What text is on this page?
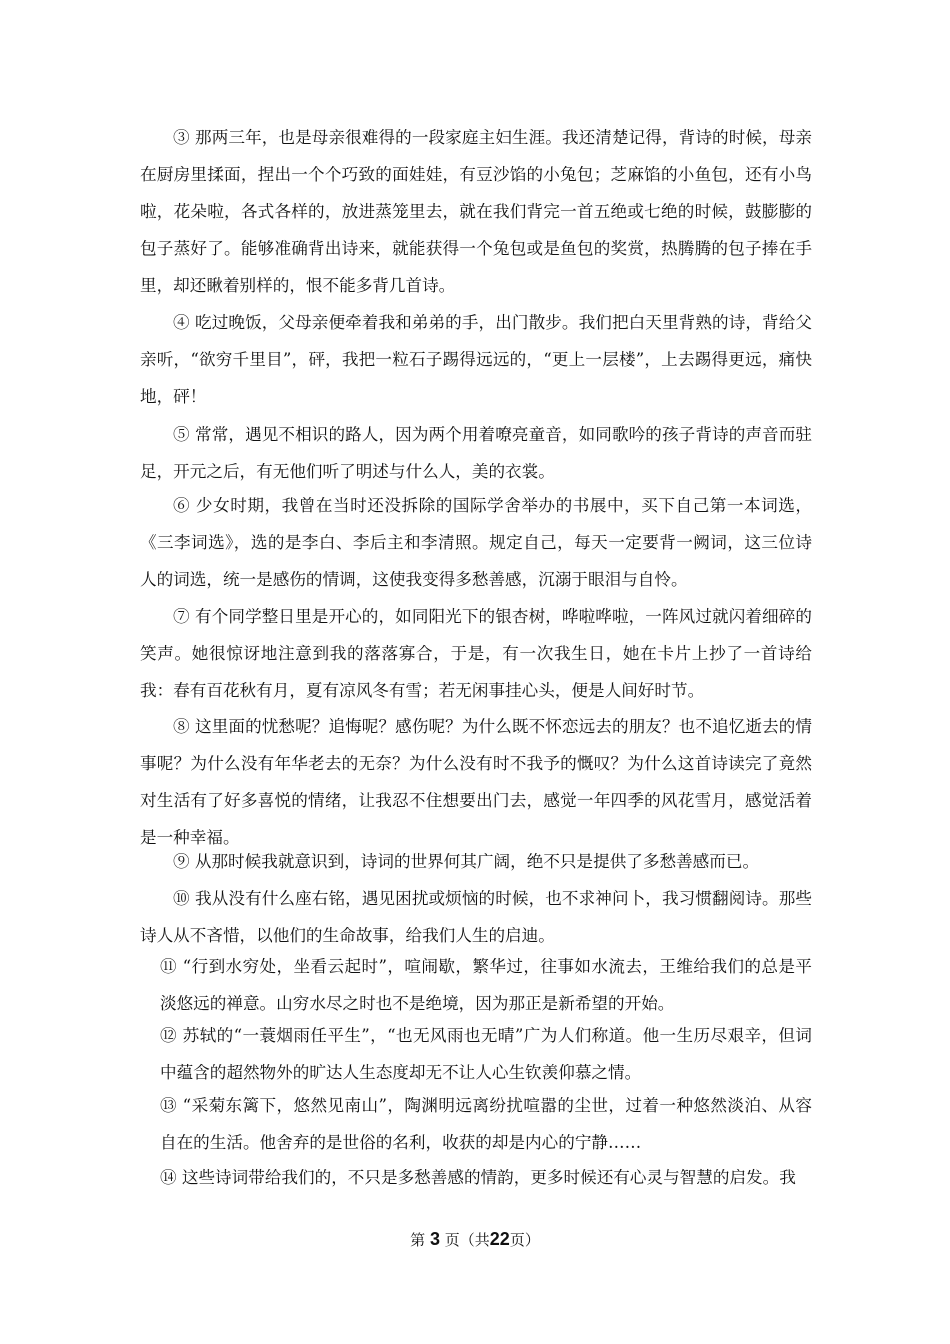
③ 那两三年，也是母亲很难得的一段家庭主妇生涯。我还清楚记得，背诗的时候，母亲在厨房里揉面，捏出一个个巧致的面娃娃，有豆沙馅的小兔包；芝麻馅的小鱼包，还有小鸟啦，花朵啦，各式各样的，放进蒸笼里去，就在我们背完一首五绝或七绝的时候，鼓膨膨的包子蒸好了。能够准确背出诗来，就能获得一个兔包或是鱼包的奖赏，热腾腾的包子捧在手里，却还瞅着别样的，恨不能多背几首诗。
④ 吃过晚饭，父母亲便牵着我和弟弟的手，出门散步。我们把白天里背熟的诗，背给父亲听，“欲穷千里目”，砰，我把一粒石子踢得远远的，“更上一层楼”，上去踢得更远，痛快地，砰！
⑤ 常常，遇见不相识的路人，因为两个用着嘹亮童音，如同歌吟的孩子背诗的声音而驻足，开元之后，有无他们听了明述与什么人，美的衣裳。
⑥ 少女时期，我曾在当时还没拆除的国际学舍举办的书展中，买下自己第一本词选，《三李词选》，选的是李白、李后主和李清照。规定自己，每天一定要背一阙词，这三位诗人的词选，统一是感伤的情调，这使我变得多愁善感，沉溺于眼泪与自怜。
⑦ 有个同学整日里是开心的，如同阳光下的银杏树，哗啦哗啦，一阵风过就闪着细碎的笑声。她很惊讶地注意到我的落落寡合，于是，有一次我生日，她在卡片上抄了一首诗给我：春有百花秋有月，夏有凉风冬有雪；若无闲事挂心头，便是人间好时节。
⑧ 这里面的忧愁呢？追悔呢？感伤呢？为什么既不怀恋远去的朋友？也不追忆逝去的情事呢？为什么没有年华老去的无奈？为什么没有时不我予的慨叹？为什么这首诗读完了竟然对生活有了好多喜悦的情绪，让我忍不住想要出门去，感觉一年四季的风花雪月，感觉活着是一种幸福。
⑨ 从那时候我就意识到，诗词的世界何其广阔，绝不只是提供了多愁善感而已。
⑩ 我从没有什么座右铭，遇见困扰或烦恼的时候，也不求神问卜，我习惯翻阅诗。那些诗人从不吝惜，以他们的生命故事，给我们人生的启迪。
⑪ “行到水穷处，坐看云起时”，喧闹歇，繁华过，往事如水流去，王维给我们的总是平淡悠远的禅意。山穷水尽之时也不是绝境，因为那正是新希望的开始。
⑫ 苏轼的“一蓑烟雨任平生”，“也无风雨也无晴”广为人们称道。他一生历尽艰辛，但词中蕴含的超然物外的旷达人生态度却无不让人心生钦羡仰慕之情。
⑬ “采菊东篱下，悠然见南山”，陶渊明远离纷扰喧嚣的尘世，过着一种悠然淡泊、从容自在的生活。他舍弃的是世俗的名利，收获的却是内心的宁静……
⑭ 这些诗词带给我们的，不只是多愁善感的情韵，更多时候还有心灵与智慧的启发。我
第 3 页（共22页）
